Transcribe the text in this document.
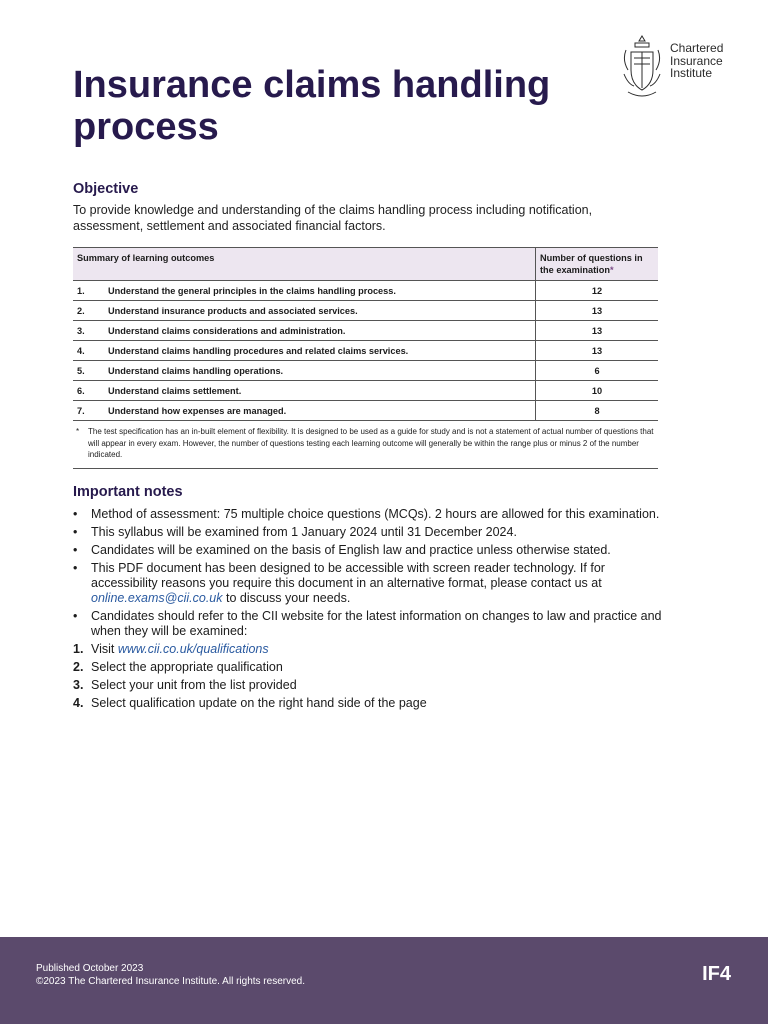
Chartered
Insurance
Institute
Insurance claims handling process
Objective
To provide knowledge and understanding of the claims handling process including notification, assessment, settlement and associated financial factors.
Summary of learning outcomes	Number of questions in the examination*
1. Understand the general principles in the claims handling process.	12
2. Understand insurance products and associated services.	13
3. Understand claims considerations and administration.	13
4. Understand claims handling procedures and related claims services.	13
5. Understand claims handling operations.	6
6. Understand claims settlement.	10
7. Understand how expenses are managed.	8
*	The test specification has an in-built element of flexibility. It is designed to be used as a guide for study and is not a statement of actual number of questions that will appear in every exam. However, the number of questions testing each learning outcome will generally be within the range plus or minus 2 of the number indicated.
Important notes
• Method of assessment: 75 multiple choice questions (MCQs). 2 hours are allowed for this examination.
• This syllabus will be examined from 1 January 2024 until 31 December 2024.
• Candidates will be examined on the basis of English law and practice unless otherwise stated.
• This PDF document has been designed to be accessible with screen reader technology. If for accessibility reasons you require this document in an alternative format, please contact us at online.exams@cii.co.uk to discuss your needs.
• Candidates should refer to the CII website for the latest information on changes to law and practice and when they will be examined:
1. Visit www.cii.co.uk/qualifications
2. Select the appropriate qualification
3. Select your unit from the list provided
4. Select qualification update on the right hand side of the page
Published October 2023
©2023 The Chartered Insurance Institute. All rights reserved.	IF4
